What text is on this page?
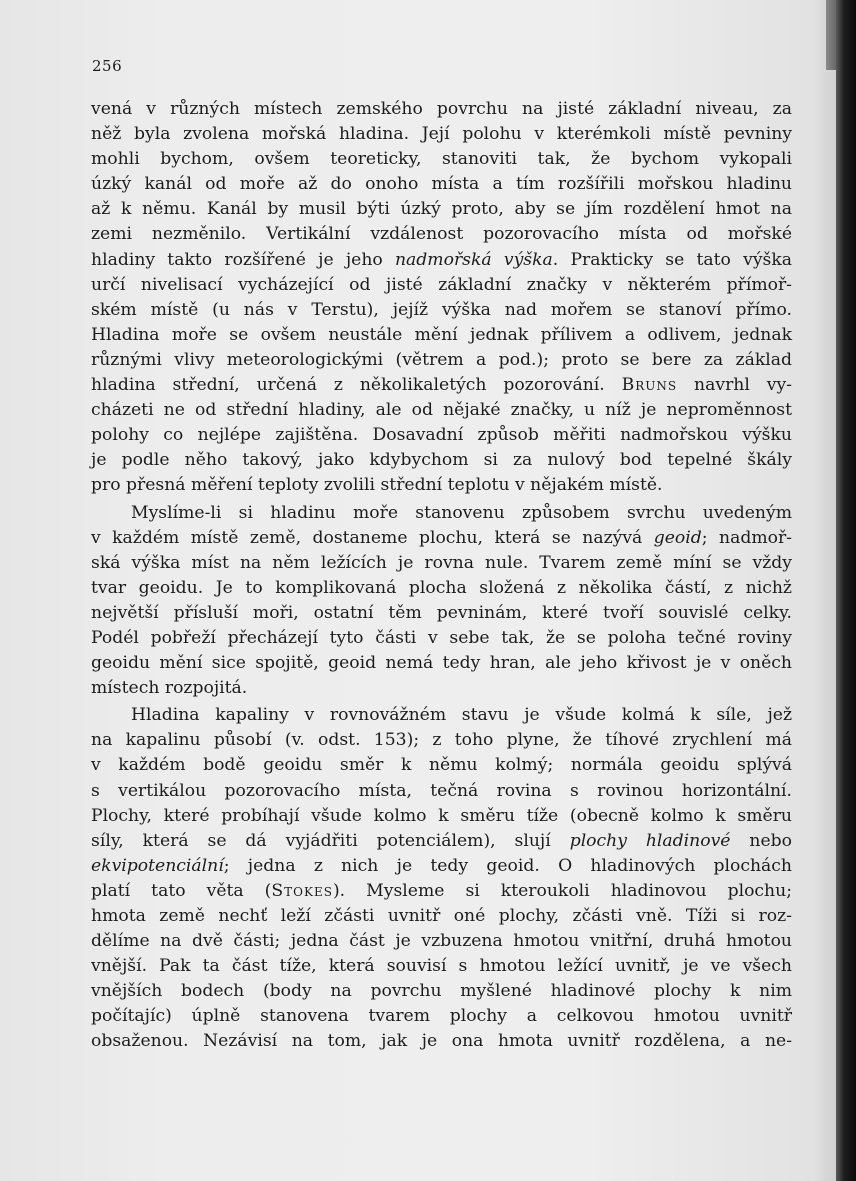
256
vená v různých místech zemského povrchu na jisté základní niveau, za
něž byla zvolena mořská hladina. Její polohu v kterémkoli místě pevniny
mohli bychom, ovšem teoreticky, stanoviti tak, že bychom vykopali
úzký kanál od moře až do onoho místa a tím rozšířili mořskou hladinu
až k němu. Kanál by musil býti úzký proto, aby se jím rozdělení hmot na
zemi nezměnilo. Vertikální vzdálenost pozorovacího místa od mořské
hladiny takto rozšířené je jeho nadmořská výška. Prakticky se tato výška
určí nivelisací vycházející od jisté základní značky v některém přímoř-
ském místě (u nás v Terstu), jejíž výška nad mořem se stanoví přímo.
Hladina moře se ovšem neustále mění jednak přílivem a odlivem, jednak
různými vlivy meteorologickými (větrem a pod.); proto se bere za základ
hladina střední, určená z několikaletých pozorování. Bruns navrhl vy-
cházeti ne od střední hladiny, ale od nějaké značky, u níž je neproměnnost
polohy co nejlépe zajištěna. Dosavadní způsob měřiti nadmořskou výšku
je podle něho takový, jako kdybychom si za nulový bod tepelné škály
pro přesná měření teploty zvolili střední teplotu v nějakém místě.
Myslíme-li si hladinu moře stanovenu způsobem svrchu uvedeným
v každém místě země, dostaneme plochu, která se nazývá geoid; nadmoř-
ská výška míst na něm ležících je rovna nule. Tvarem země míní se vždy
tvar geoidu. Je to komplikovaná plocha složená z několika částí, z nichž
největší přísluší moři, ostatní těm pevninám, které tvoří souvislé celky.
Podél pobřeží přecházejí tyto části v sebe tak, že se poloha tečné roviny
geoidu mění sice spojitě, geoid nemá tedy hran, ale jeho křivost je v oněch
místech rozpojitá.
Hladina kapaliny v rovnovážném stavu je všude kolmá k síle, jež
na kapalinu působí (v. odst. 153); z toho plyne, že tíhové zrychlení má
v každém bodě geoidu směr k němu kolmý; normála geoidu splývá
s vertikálou pozorovacího místa, tečná rovina s rovinou horizontální.
Plochy, které probíhají všude kolmo k směru tíže (obecně kolmo k směru
síly, která se dá vyjádřiti potenciálem), slují plochy hladinové nebo
ekvipotenciální; jedna z nich je tedy geoid. O hladinových plochách
platí tato věta (Stokes). Mysleme si kteroukoli hladinovou plochu;
hmota země nechť leží zčásti uvnitř oné plochy, zčásti vně. Tíži si roz-
dělíme na dvě části; jedna část je vzbuzena hmotou vnitřní, druhá hmotou
vnější. Pak ta část tíže, která souvisí s hmotou ležící uvnitř, je ve všech
vnějších bodech (body na povrchu myšlené hladinové plochy k nim
počítajíc) úplně stanovena tvarem plochy a celkovou hmotou uvnitř
obsaženou. Nezávisí na tom, jak je ona hmota uvnitř rozdělena, a ne-
